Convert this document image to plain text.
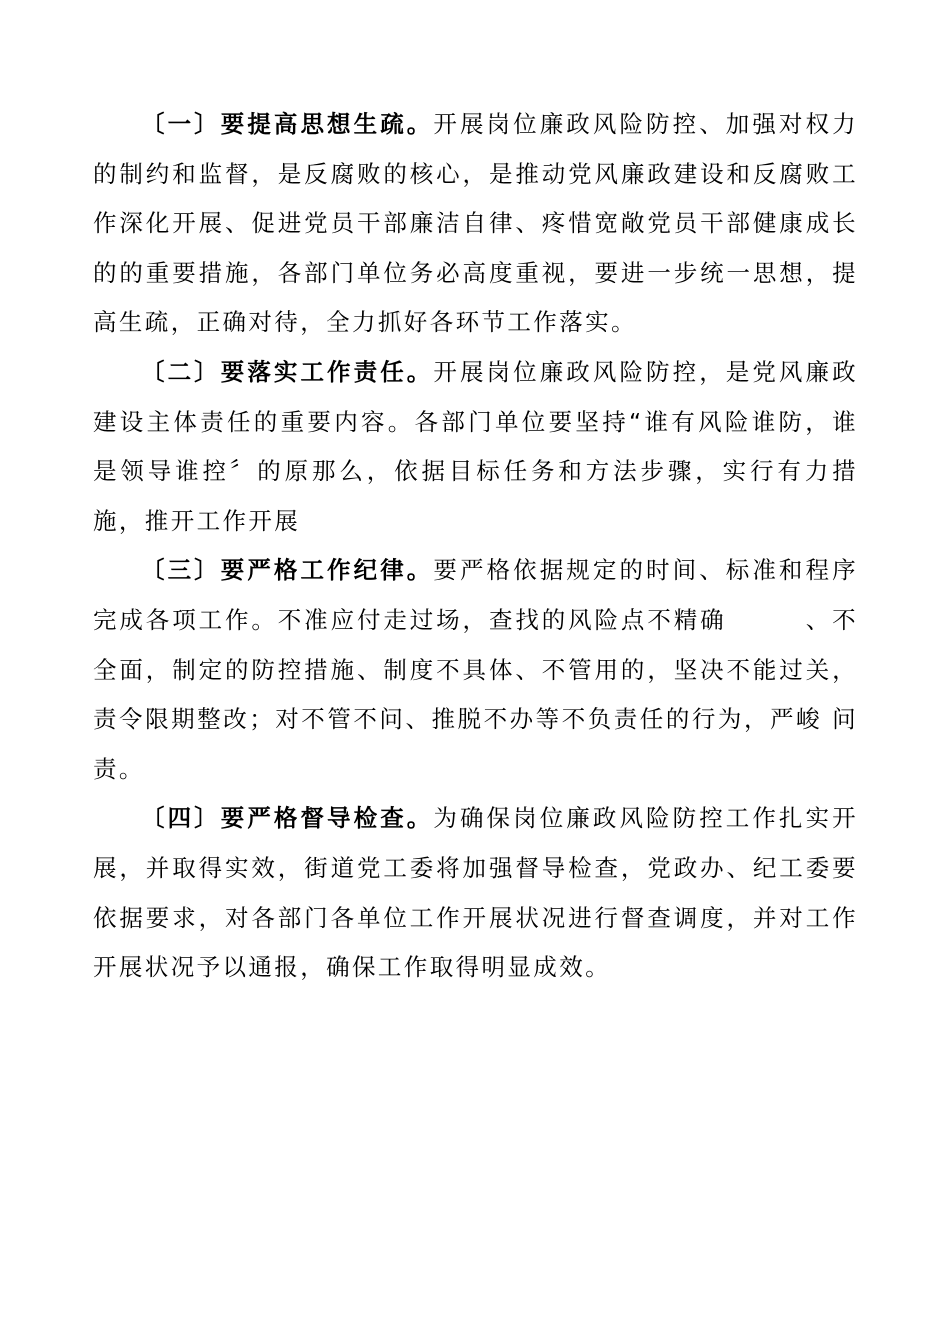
〔一〕要提高思想生疏。开展岗位廉政风险防控、加强对权力的制约和监督，是反腐败的核心，是推动党风廉政建设和反腐败工作深化开展、促进党员干部廉洁自律、疼惜宽敞党员干部健康成长的的重要措施，各部门单位务必高度重视，要进一步统一思想，提高生疏，正确对待，全力抓好各环节工作落实。

〔二〕要落实工作责任。开展岗位廉政风险防控，是党风廉政建设主体责任的重要内容。各部门单位要坚持“谁有风险谁防，谁是领导谁控〞的原那么，依据目标任务和方法步骤，实行有力措施，推开工作开展

〔三〕要严格工作纪律。要严格依据规定的时间、标准和程序完成各项工作。不准应付走过场，查找的风险点不精确　　　、不全面，制定的防控措施、制度不具体、不管用的，坚决不能过关，责令限期整改；对不管不问、推脱不办等不负责任的行为，严峻 问责。

〔四〕要严格督导检查。为确保岗位廉政风险防控工作扎实开展，并取得实效，街道党工委将加强督导检查，党政办、纪工委要依据要求，对各部门各单位工作开展状况进行督查调度，并对工作开展状况予以通报，确保工作取得明显成效。
